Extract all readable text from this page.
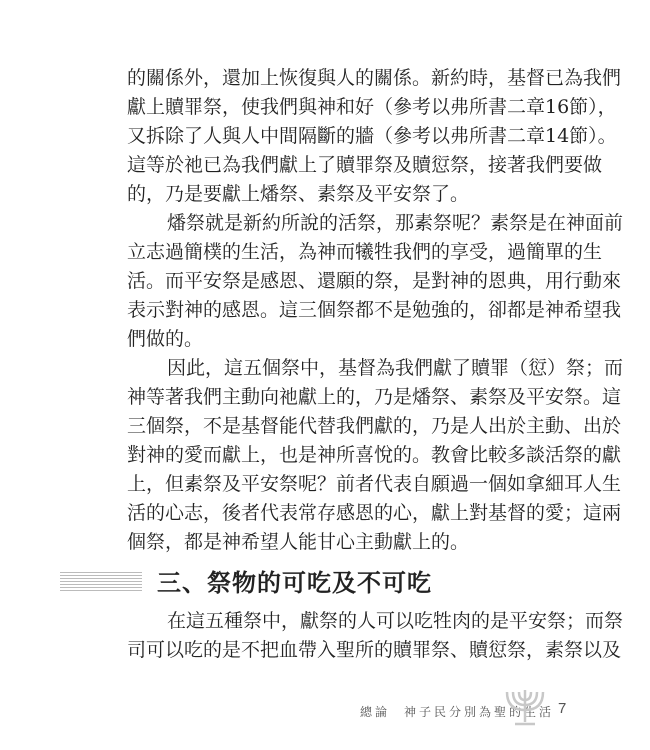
的關係外，還加上恢復與人的關係。新約時，基督已為我們
獻上贖罪祭，使我們與神和好（參考以弗所書二章16節），
又拆除了人與人中間隔斷的牆（參考以弗所書二章14節）。
這等於祂已為我們獻上了贖罪祭及贖愆祭，接著我們要做
的，乃是要獻上燔祭、素祭及平安祭了。
燔祭就是新約所說的活祭，那素祭呢？素祭是在神面前
立志過簡樸的生活，為神而犧牲我們的享受，過簡單的生
活。而平安祭是感恩、還願的祭，是對神的恩典，用行動來
表示對神的感恩。這三個祭都不是勉強的，卻都是神希望我
們做的。
因此，這五個祭中，基督為我們獻了贖罪（愆）祭；而
神等著我們主動向祂獻上的，乃是燔祭、素祭及平安祭。這
三個祭，不是基督能代替我們獻的，乃是人出於主動、出於
對神的愛而獻上，也是神所喜悅的。教會比較多談活祭的獻
上，但素祭及平安祭呢？前者代表自願過一個如拿細耳人生
活的心志，後者代表常存感恩的心，獻上對基督的愛；這兩
個祭，都是神希望人能甘心主動獻上的。
三、祭物的可吃及不可吃
在這五種祭中，獻祭的人可以吃牲肉的是平安祭；而祭
司可以吃的是不把血帶入聖所的贖罪祭、贖愆祭，素祭以及
總論 神子民分別為聖的生活 7
